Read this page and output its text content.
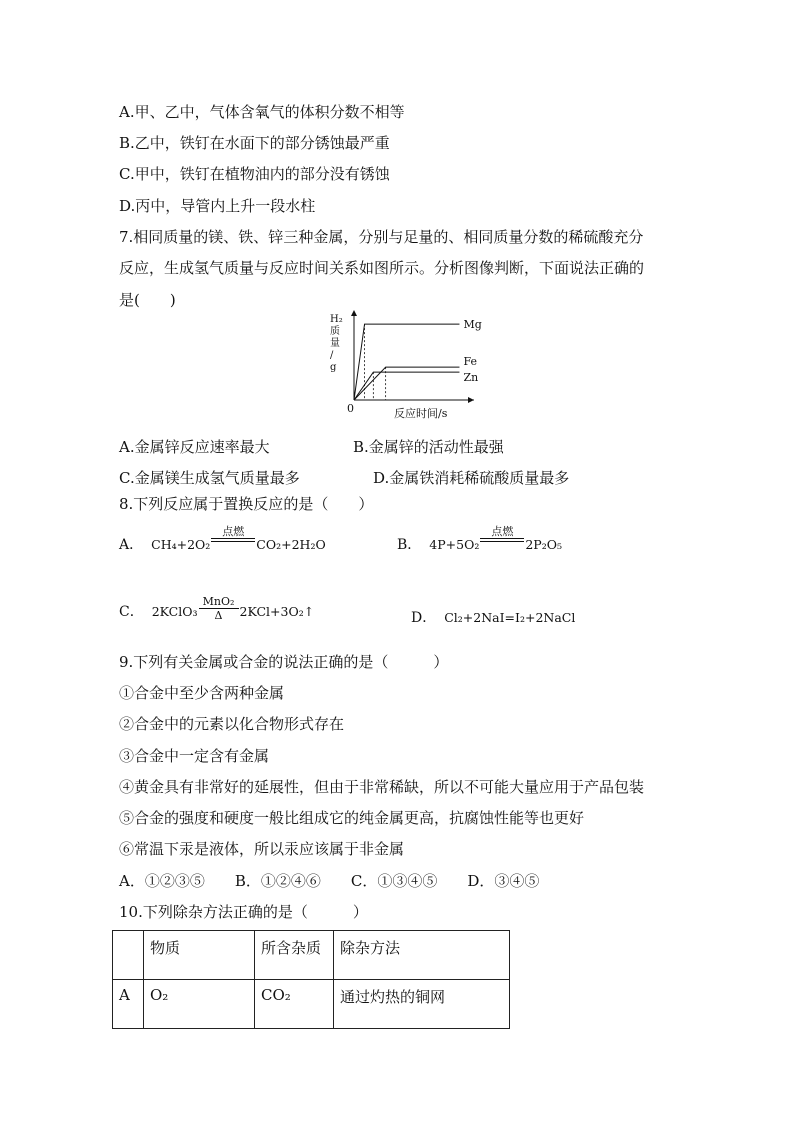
A.甲、乙中，气体含氧气的体积分数不相等
B.乙中，铁钉在水面下的部分锈蚀最严重
C.甲中，铁钉在植物油内的部分没有锈蚀
D.丙中，导管内上升一段水柱
7.相同质量的镁、铁、锌三种金属，分别与足量的、相同质量分数的稀硫酸充分
反应，生成氢气质量与反应时间关系如图所示。分析图像判断，下面说法正确的
是(　　)
Mg
Fe
Zn
H₂ 质量/ g
0	反应时间/s
A.金属锌反应速率最大	B.金属锌的活动性最强
C.金属镁生成氢气质量最多	D.金属铁消耗稀硫酸质量最多
8.下列反应属于置换反应的是（　　）
A． CH₄+2O₂
点燃

CO₂+2H₂O	B． 4P+5O₂
点燃

2P₂O₅
C． 2KClO₃
MnO₂
Δ	2KCl+3O₂↑	D． Cl₂+2NaI=I₂+2NaCl
9.下列有关金属或合金的说法正确的是（　　　）
①合金中至少含两种金属
②合金中的元素以化合物形式存在
③合金中一定含有金属
④黄金具有非常好的延展性，但由于非常稀缺，所以不可能大量应用于产品包装
⑤合金的强度和硬度一般比组成它的纯金属更高，抗腐蚀性能等也更好
⑥常温下汞是液体，所以汞应该属于非金属
A．①②③⑤　　B．①②④⑥　　C．①③④⑤　　D．③④⑤
10.下列除杂方法正确的是（　　　）
	物质	所含杂质	除杂方法
A	O₂	CO₂	通过灼热的铜网
